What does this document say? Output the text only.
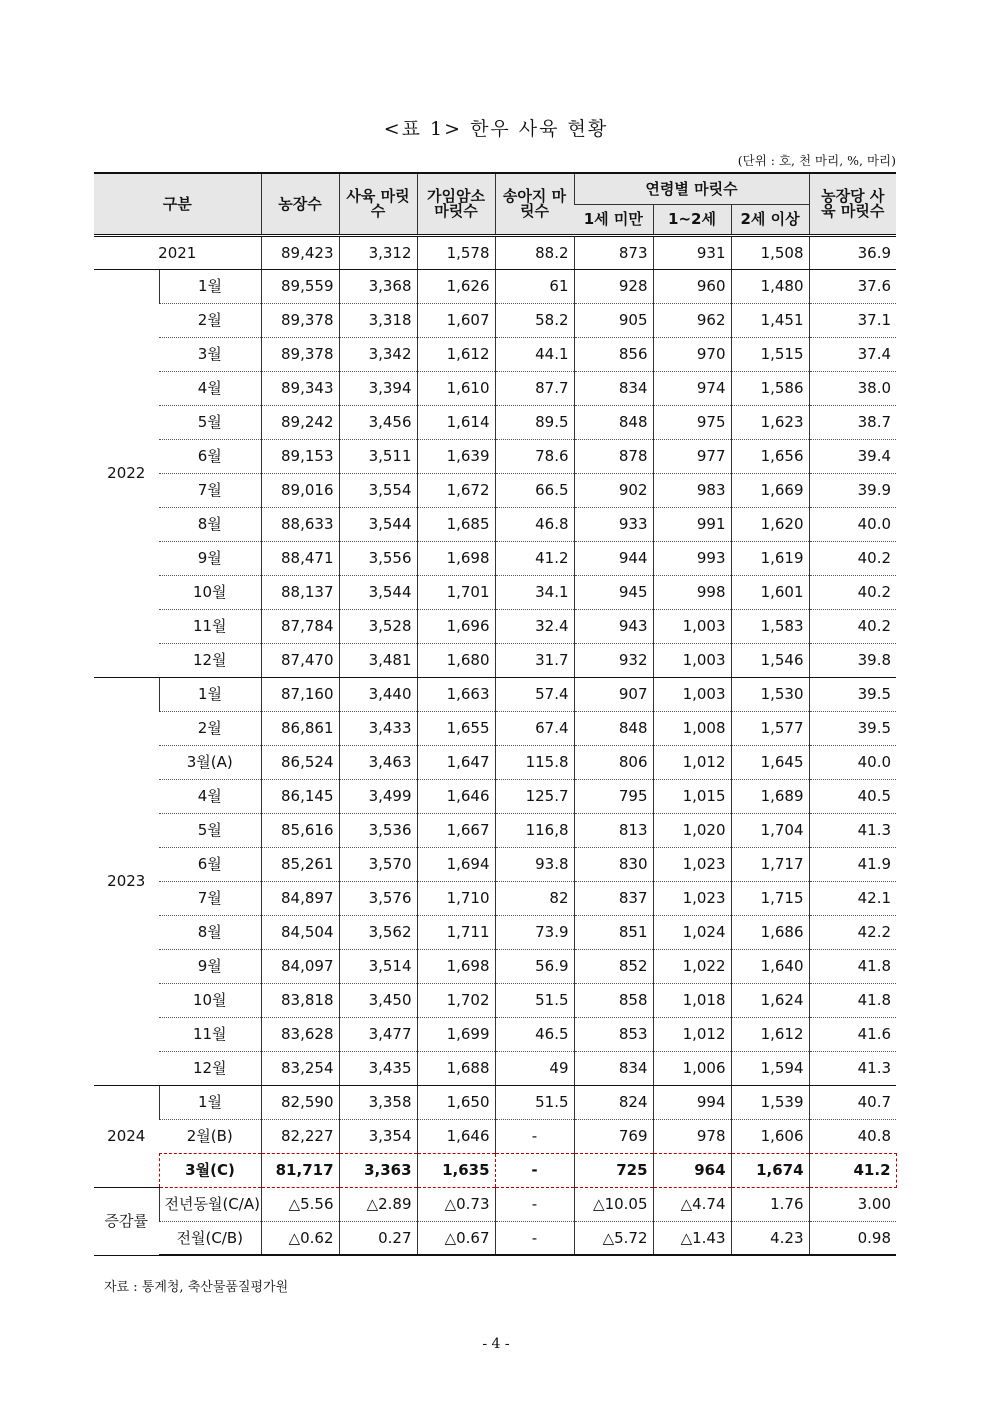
<표 1> 한우 사육 현황
(단위 : 호, 천 마리, %, 마리)
구분		농장수	사육 마릿수	가임암소 마릿수	송아지 마릿수	연령별 마릿수			농장당 사육 마릿수
						1세 미만	1~2세	2세 이상	
2021		89,423	3,312	1,578	88.2	873	931	1,508	36.9
2022	1월	89,559	3,368	1,626	61	928	960	1,480	37.6
	2월	89,378	3,318	1,607	58.2	905	962	1,451	37.1
	3월	89,378	3,342	1,612	44.1	856	970	1,515	37.4
	4월	89,343	3,394	1,610	87.7	834	974	1,586	38.0
	5월	89,242	3,456	1,614	89.5	848	975	1,623	38.7
	6월	89,153	3,511	1,639	78.6	878	977	1,656	39.4
	7월	89,016	3,554	1,672	66.5	902	983	1,669	39.9
	8월	88,633	3,544	1,685	46.8	933	991	1,620	40.0
	9월	88,471	3,556	1,698	41.2	944	993	1,619	40.2
	10월	88,137	3,544	1,701	34.1	945	998	1,601	40.2
	11월	87,784	3,528	1,696	32.4	943	1,003	1,583	40.2
	12월	87,470	3,481	1,680	31.7	932	1,003	1,546	39.8
2023	1월	87,160	3,440	1,663	57.4	907	1,003	1,530	39.5
	2월	86,861	3,433	1,655	67.4	848	1,008	1,577	39.5
	3월(A)	86,524	3,463	1,647	115.8	806	1,012	1,645	40.0
	4월	86,145	3,499	1,646	125.7	795	1,015	1,689	40.5
	5월	85,616	3,536	1,667	116,8	813	1,020	1,704	41.3
	6월	85,261	3,570	1,694	93.8	830	1,023	1,717	41.9
	7월	84,897	3,576	1,710	82	837	1,023	1,715	42.1
	8월	84,504	3,562	1,711	73.9	851	1,024	1,686	42.2
	9월	84,097	3,514	1,698	56.9	852	1,022	1,640	41.8
	10월	83,818	3,450	1,702	51.5	858	1,018	1,624	41.8
	11월	83,628	3,477	1,699	46.5	853	1,012	1,612	41.6
	12월	83,254	3,435	1,688	49	834	1,006	1,594	41.3
2024	1월	82,590	3,358	1,650	51.5	824	994	1,539	40.7
	2월(B)	82,227	3,354	1,646	-	769	978	1,606	40.8
	3월(C)	81,717	3,363	1,635	-	725	964	1,674	41.2
증감률	전년동월(C/A)	△5.56	△2.89	△0.73	-	△10.05	△4.74	1.76	3.00
	전월(C/B)	△0.62	0.27	△0.67	-	△5.72	△1.43	4.23	0.98
자료 : 통계청, 축산물품질평가원
- 4 -
